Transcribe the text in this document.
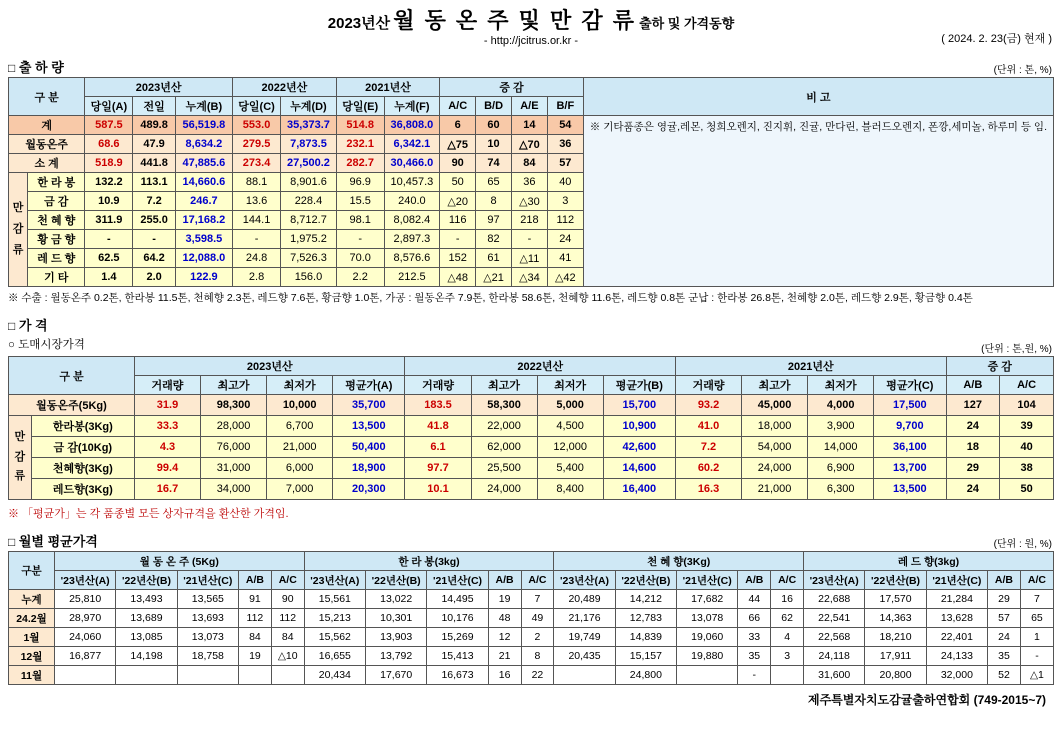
2023년산 월 동 온 주 및 만 감 류 출하 및 가격동향
- http://jcitrus.or.kr -	( 2024. 2. 23(금) 현재 )
□ 출 하 량	(단위 : 톤, %)
구 분		2023년산			2022년산		2021년산		증 감				비 고
		당일(A)	전일	누계(B)	당일(C)	누계(D)	당일(E)	누계(F)	A/C	B/D	A/E	B/F	
계		587.5	489.8	56,519.8	553.0	35,373.7	514.8	36,808.0	6	60	14	54	※ 기타품종은 영귤,레몬, 청희오렌지, 진지휘, 진귤, 만다린, 블러드오렌지, 폰깡,세미놀, 하루미 등 임.
월동온주		68.6	47.9	8,634.2	279.5	7,873.5	232.1	6,342.1	△75	10	△70	36	
소 계		518.9	441.8	47,885.6	273.4	27,500.2	282.7	30,466.0	90	74	84	57	
만
감
류	한 라 봉	132.2	113.1	14,660.6	88.1	8,901.6	96.9	10,457.3	50	65	36	40	
	금 감	10.9	7.2	246.7	13.6	228.4	15.5	240.0	△20	8	△30	3	
	천 혜 향	311.9	255.0	17,168.2	144.1	8,712.7	98.1	8,082.4	116	97	218	112	
	황 금 향	-	-	3,598.5	-	1,975.2	-	2,897.3	-	82	-	24	
	레 드 향	62.5	64.2	12,088.0	24.8	7,526.3	70.0	8,576.6	152	61	△11	41	
	기 타	1.4	2.0	122.9	2.8	156.0	2.2	212.5	△48	△21	△34	△42	
※ 수출 : 월동온주 0.2톤, 한라봉 11.5톤, 천혜향 2.3톤, 레드향 7.6톤, 황금향 1.0톤, 가공 : 월동온주 7.9톤, 한라봉 58.6톤, 천혜향 11.6톤, 레드향 0.8톤 군납 : 한라봉 26.8톤, 천혜향 2.0톤, 레드향 2.9톤, 황금향 0.4톤
□ 가 격
○ 도매시장가격	(단위 : 톤,원, %)
구 분		2023년산				2022년산				2021년산				증 감	
		거래량	최고가	최저가	평균가(A)	거래량	최고가	최저가	평균가(B)	거래량	최고가	최저가	평균가(C)	A/B	A/C
월동온주(5Kg)		31.9	98,300	10,000	35,700	183.5	58,300	5,000	15,700	93.2	45,000	4,000	17,500	127	104
만
감
류	한라봉(3Kg)	33.3	28,000	6,700	13,500	41.8	22,000	4,500	10,900	41.0	18,000	3,900	9,700	24	39
	금 감(10Kg)	4.3	76,000	21,000	50,400	6.1	62,000	12,000	42,600	7.2	54,000	14,000	36,100	18	40
	천혜향(3Kg)	99.4	31,000	6,000	18,900	97.7	25,500	5,400	14,600	60.2	24,000	6,900	13,700	29	38
	레드향(3Kg)	16.7	34,000	7,000	20,300	10.1	24,000	8,400	16,400	16.3	21,000	6,300	13,500	24	50
※ 「평균가」는 각 품종별 모든 상자규격을 환산한 가격임.
□ 월별 평균가격	(단위 : 원, %)
구분	월 동 온 주 (5Kg)					한 라 봉(3kg)					천 혜 향(3Kg)					레 드 향(3kg)				
	'23년산(A)	'22년산(B)	'21년산(C)	A/B	A/C	'23년산(A)	'22년산(B)	'21년산(C)	A/B	A/C	'23년산(A)	'22년산(B)	'21년산(C)	A/B	A/C	'23년산(A)	'22년산(B)	'21년산(C)	A/B	A/C
누계	25,810	13,493	13,565	91	90	15,561	13,022	14,495	19	7	20,489	14,212	17,682	44	16	22,688	17,570	21,284	29	7
24.2월	28,970	13,689	13,693	112	112	15,213	10,301	10,176	48	49	21,176	12,783	13,078	66	62	22,541	14,363	13,628	57	65
1월	24,060	13,085	13,073	84	84	15,562	13,903	15,269	12	2	19,749	14,839	19,060	33	4	22,568	18,210	22,401	24	1
12월	16,877	14,198	18,758	19	△10	16,655	13,792	15,413	21	8	20,435	15,157	19,880	35	3	24,118	17,911	24,133	35	-
11월						20,434	17,670	16,673	16	22		24,800		-		31,600	20,800	32,000	52	△1
제주특별자치도감귤출하연합회 (749-2015~7)
